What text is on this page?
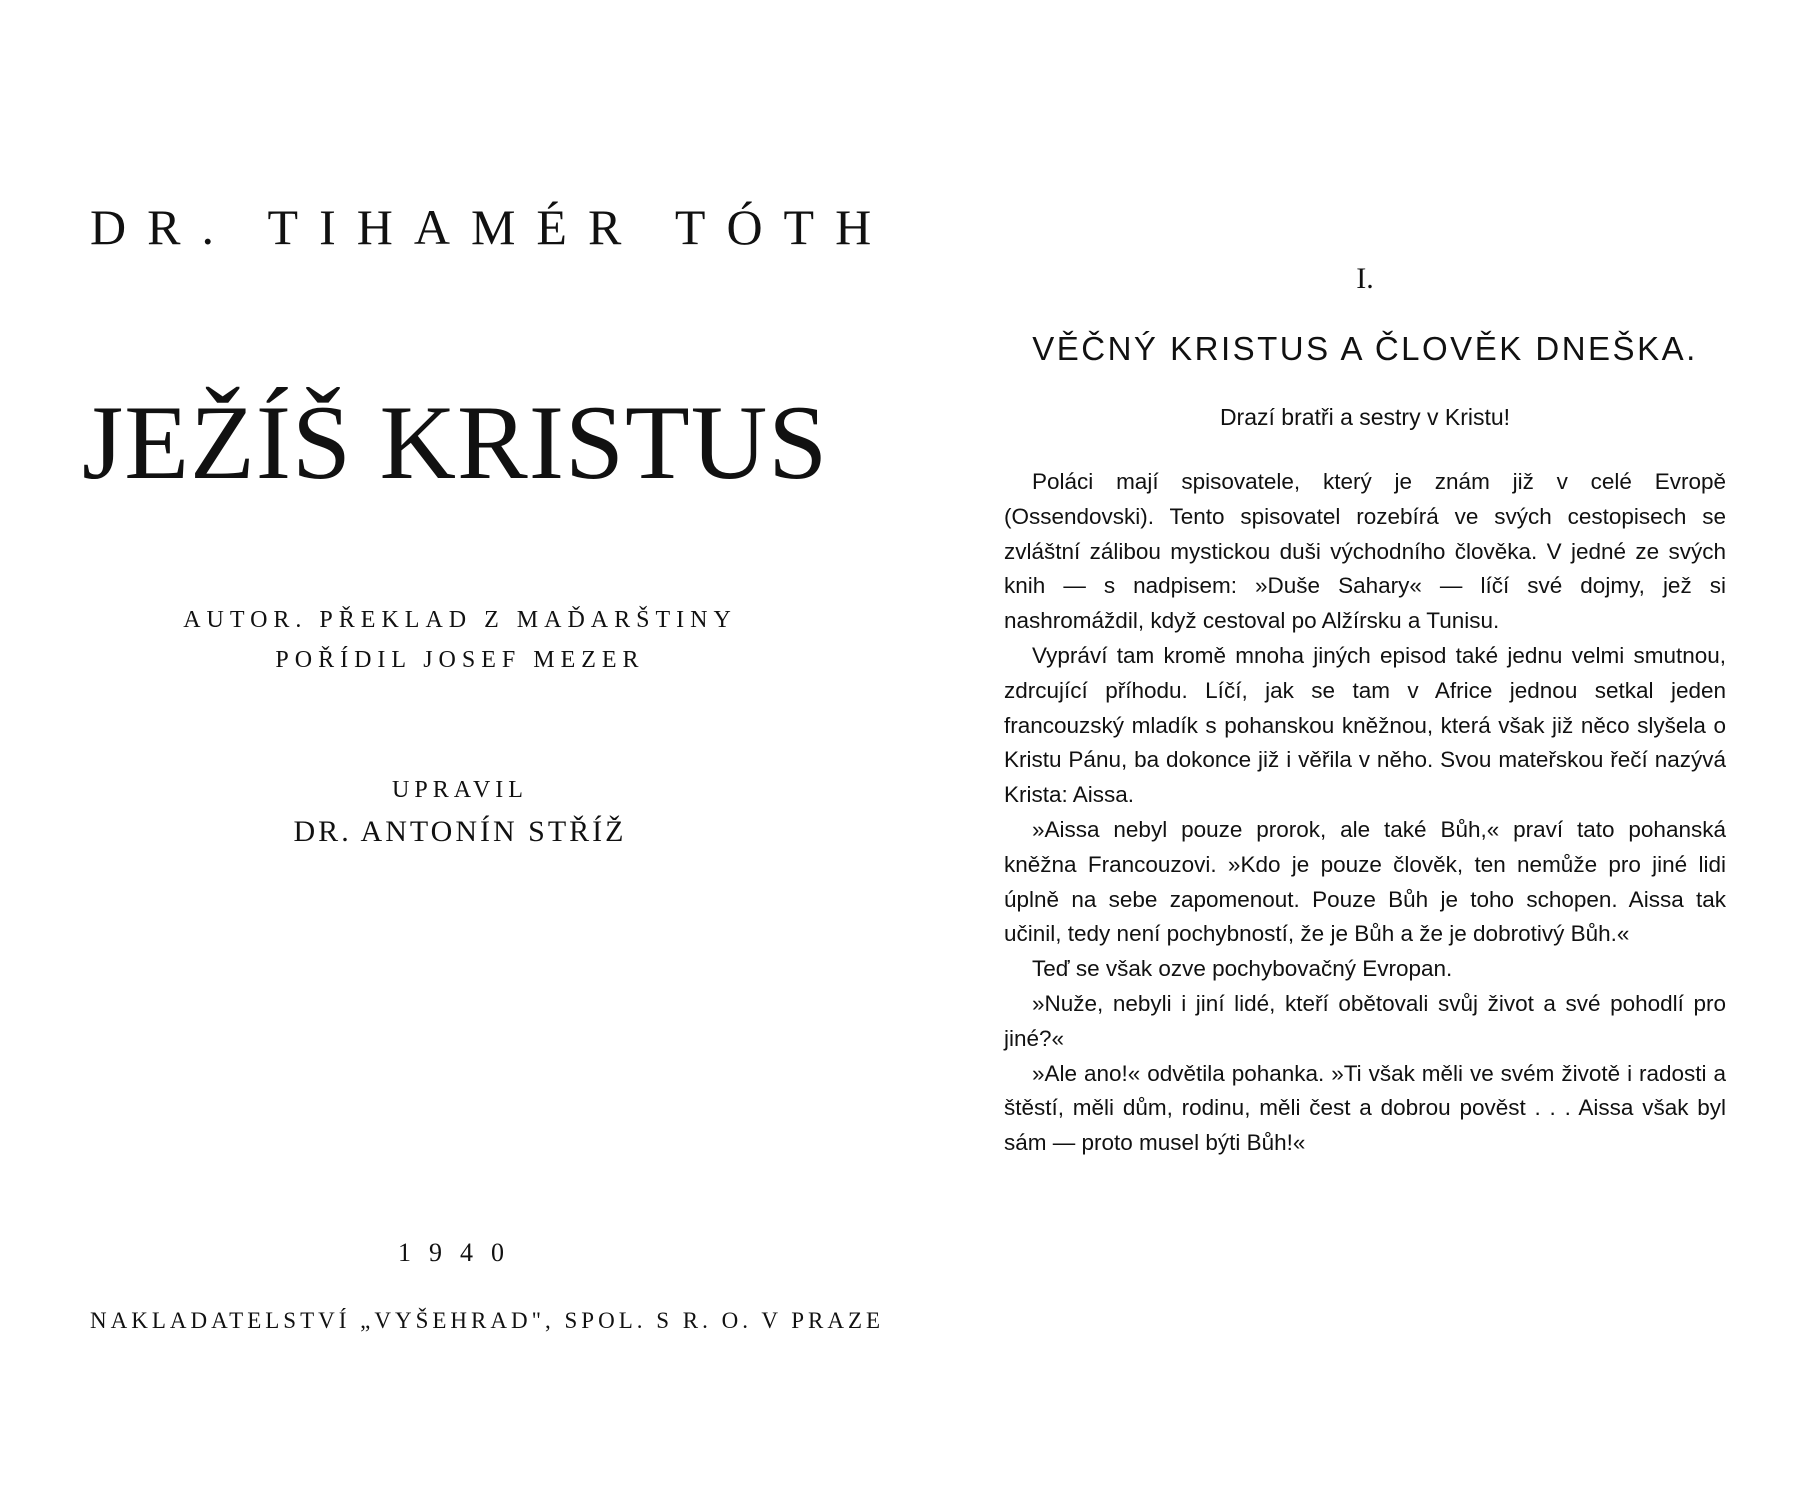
DR. TIHAMÉR TÓTH
JEŽÍŠ KRISTUS
AUTOR. PŘEKLAD Z MAĎARŠTINY
POŘÍDIL JOSEF MEZER
UPRAVIL
DR. ANTONÍN STŘÍŽ
1940
NAKLADATELSTVÍ „VYŠEHRAD", SPOL. S R. O. V PRAZE
I.
VĚČNÝ KRISTUS A ČLOVĚK DNEŠKA.
Drazí bratři a sestry v Kristu!

Poláci mají spisovatele, který je znám již v celé Evropě (Ossendovski). Tento spisovatel rozebírá ve svých cestopisech se zvláštní zálibou mystickou duši východního člověka. V jedné ze svých knih — s nadpisem: »Duše Sahary« — líčí své dojmy, jež si nashromáždil, když cestoval po Alžírsku a Tunisu.

Vypráví tam kromě mnoha jiných episod také jednu velmi smutnou, zdrcující příhodu. Líčí, jak se tam v Africe jednou setkal jeden francouzský mladík s pohanskou kněžnou, která však již něco slyšela o Kristu Pánu, ba dokonce již i věřila v něho. Svou mateřskou řečí nazývá Krista: Aissa.

»Aissa nebyl pouze prorok, ale také Bůh,« praví tato pohanská kněžna Francouzovi. »Kdo je pouze člověk, ten nemůže pro jiné lidi úplně na sebe zapomenout. Pouze Bůh je toho schopen. Aissa tak učinil, tedy není pochybností, že je Bůh a že je dobrotivý Bůh.«

Teď se však ozve pochybovačný Evropan.

»Nuže, nebyli i jiní lidé, kteří obětovali svůj život a své pohodlí pro jiné?«

»Ale ano!« odvětila pohanka. »Ti však měli ve svém životě i radosti a štěstí, měli dům, rodinu, měli čest a dobrou pověst . . . Aissa však byl sám — proto musel býti Bůh!«
